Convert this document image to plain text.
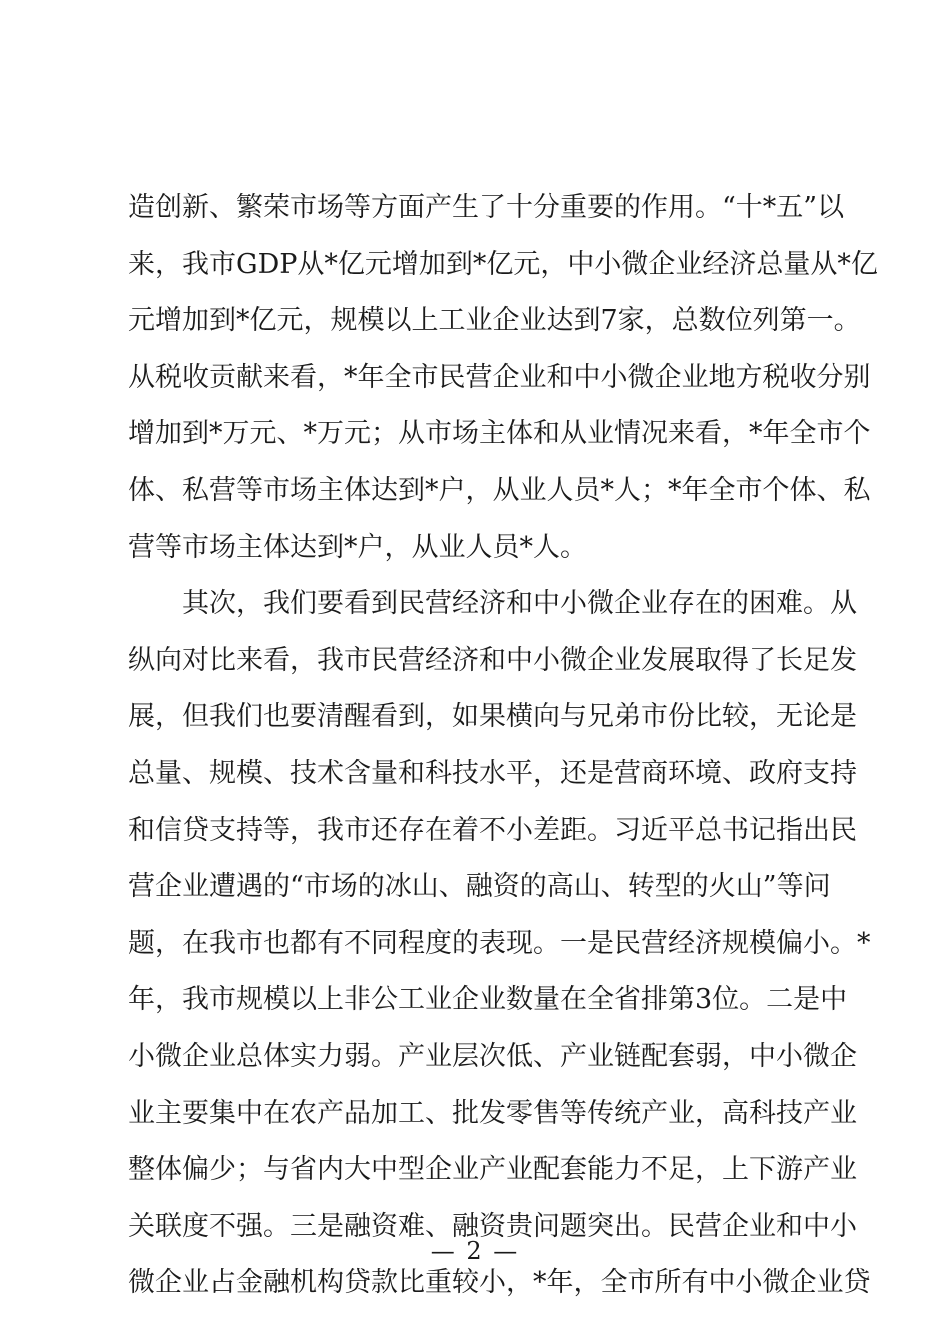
造创新、繁荣市场等方面产生了十分重要的作用。“十*五”以
来，我市GDP从*亿元增加到*亿元，中小微企业经济总量从*亿
元增加到*亿元，规模以上工业企业达到7家，总数位列第一。
从税收贡献来看，*年全市民营企业和中小微企业地方税收分别
增加到*万元、*万元；从市场主体和从业情况来看，*年全市个
体、私营等市场主体达到*户，从业人员*人；*年全市个体、私
营等市场主体达到*户，从业人员*人。
其次，我们要看到民营经济和中小微企业存在的困难。从
纵向对比来看，我市民营经济和中小微企业发展取得了长足发
展，但我们也要清醒看到，如果横向与兄弟市份比较，无论是
总量、规模、技术含量和科技水平，还是营商环境、政府支持
和信贷支持等，我市还存在着不小差距。习近平总书记指出民
营企业遭遇的“市场的冰山、融资的高山、转型的火山”等问
题，在我市也都有不同程度的表现。一是民营经济规模偏小。*
年，我市规模以上非公工业企业数量在全省排第3位。二是中
小微企业总体实力弱。产业层次低、产业链配套弱，中小微企
业主要集中在农产品加工、批发零售等传统产业，高科技产业
整体偏少；与省内大中型企业产业配套能力不足，上下游产业
关联度不强。三是融资难、融资贵问题突出。民营企业和中小
微企业占金融机构贷款比重较小，*年，全市所有中小微企业贷
— 2 —
